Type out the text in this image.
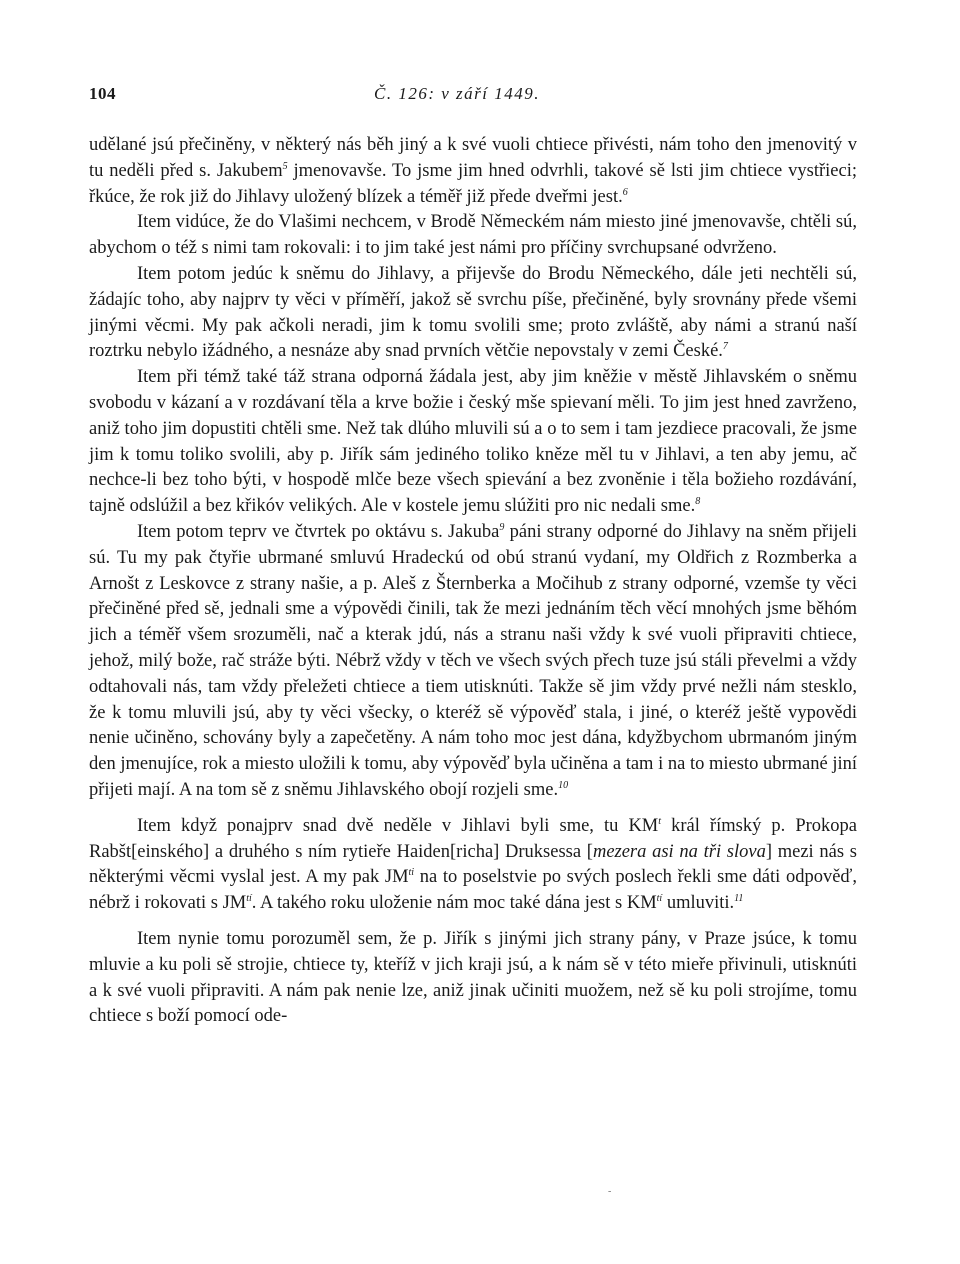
104	Č. 126: v září 1449.

udělané jsú přečiněny, v některý nás běh jiný a k své vuoli chtiece přivésti, nám toho den jmenovitý v tu neděli před s. Jakubem$^5$ jmenovavše. To jsme jim hned odvrhli, takové sě lsti jim chtiece vystřieci; řkúce, že rok již do Jihlavy uložený blízek a téměř již přede dveřmi jest.$^6$

Item vidúce, že do Vlašimi nechcem, v Brodě Německém nám miesto jiné jmenovavše, chtěli sú, abychom o též s nimi tam rokovali: i to jim také jest námi pro příčiny svrchupsané odvrženo.

Item potom jedúc k sněmu do Jihlavy, a přijevše do Brodu Německého, dále jeti nechtěli sú, žádajíc toho, aby najprv ty věci v příměří, jakož sě svrchu píše, přečiněné, byly srovnány přede všemi jinými věcmi. My pak ačkoli neradi, jim k tomu svolili sme; proto zvláště, aby námi a stranú naší roztrku nebylo ižádného, a nesnáze aby snad prvních větčie nepovstaly v zemi České.$^7$

Item při témž také táž strana odporná žádala jest, aby jim kněžie v městě Jihlavském o sněmu svobodu v kázaní a v rozdávaní těla a krve božie i český mše spievaní měli. To jim jest hned zavrženo, aniž toho jim dopustiti chtěli sme. Než tak dlúho mluvili sú a o to sem i tam jezdiece pracovali, že jsme jim k tomu toliko svolili, aby p. Jiřík sám jediného toliko kněze měl tu v Jihlavi, a ten aby jemu, ač nechce-li bez toho býti, v hospodě mlče beze všech spievání a bez zvoněnie i těla božieho rozdávání, tajně odslúžil a bez křikóv velikých. Ale v kostele jemu slúžiti pro nic nedali sme.$^8$

Item potom teprv ve čtvrtek po oktávu s. Jakuba$^9$ páni strany odporné do Jihlavy na sněm přijeli sú. Tu my pak čtyřie ubrmané smluvú Hradeckú od obú stranú vydaní, my Oldřich z Rozmberka a Arnošt z Leskovce z strany našie, a p. Aleš z Šternberka a Močihub z strany odporné, vzemše ty věci přečiněné před sě, jednali sme a výpovědi činili, tak že mezi jednáním těch věcí mnohých jsme běhóm jich a téměř všem srozuměli, nač a kterak jdú, nás a stranu naši vždy k své vuoli připraviti chtiece, jehož, milý bože, rač stráže býti. Nébrž vždy v těch ve všech svých přech tuze jsú stáli převelmi a vždy odtahovali nás, tam vždy přeležeti chtiece a tiem utisknúti. Takže sě jim vždy prvé nežli nám stesklo, že k tomu mluvili jsú, aby ty věci všecky, o kteréž sě výpověď stala, i jiné, o kteréž ještě vypovědi nenie učiněno, schovány byly a zapečetěny. A nám toho moc jest dána, kdyžbychom ubrmanóm jiným den jmenujíce, rok a miesto uložili k tomu, aby výpověď byla učiněna a tam i na to miesto ubrmané jiní přijeti mají. A na tom sě z sněmu Jihlavského obojí rozjeli sme.$^{10}$

Item když ponajprv snad dvě neděle v Jihlavi byli sme, tu $KM^t$ král římský p. Prokopa Rabšt[einského] a druhého s ním rytieře Haiden[richa] Druksessa [mezera asi na tři slova] mezi nás s některými věcmi vyslal jest. A my pak $JM^{ti}$ na to poselstvie po svých poslech řekli sme dáti odpověď, nébrž i rokovati s $JM^{tí}$. A takého roku uloženie nám moc také dána jest s $KM^{tí}$ umluviti.$^{11}$

Item nynie tomu porozuměl sem, že p. Jiřík s jinými jich strany pány, v Praze jsúce, k tomu mluvie a ku poli sě strojie, chtiece ty, kteříž v jich kraji jsú, a k nám sě v této mieře přivinuli, utisknúti a k své vuoli připraviti. A nám pak nenie lze, aniž jinak učiniti muožem, než sě ku poli strojíme, tomu chtiece s boží pomocí ode-

-
